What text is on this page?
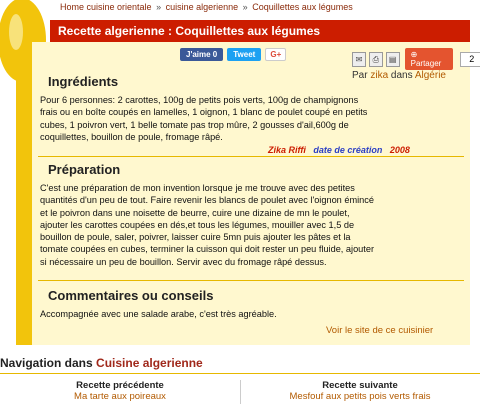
Home cuisine orientale » cuisine algerienne » Coquillettes aux légumes
Recette algerienne : Coquillettes aux légumes
J'aime 0	Tweet	G+	✉	⎙	▤	⊕ Partager	2
Ingrédients	Par zika dans Algérie
Pour 6 personnes: 2 carottes, 100g de petits pois verts, 100g de champignons
frais ou en boîte coupés en lamelles, 1 oignon, 1 blanc de poulet coupé en petits
cubes, 1 poivron vert, 1 belle tomate pas trop mûre, 2 gousses d'ail,600g de
coquillettes, bouillon de poule, fromage râpé.
Zika Riffi date de création 2008
Préparation
C'est une préparation de mon invention lorsque je me trouve avec des petites
quantités d'un peu de tout. Faire revenir les blancs de poulet avec l'oignon émincé
et le poivron dans une noisette de beurre, cuire une dizaine de mn le poulet,
ajouter les carottes coupées en dés,et tous les légumes, mouiller avec 1,5 de
bouillon de poule, saler, poivrer, laisser cuire 5mn puis ajouter les pâtes et la
tomate coupées en cubes, terminer la cuisson qui doit rester un peu fluide, ajouter
si nécessaire un peu de bouillon. Servir avec du fromage râpé dessus.
Commentaires ou conseils
Accompagnée avec une salade arabe, c'est très agréable.
Voir le site de ce cuisinier
Navigation dans Cuisine algerienne
Recette précédente
Ma tarte aux poireaux
Recette suivante
Mesfouf aux petits pois verts frais
